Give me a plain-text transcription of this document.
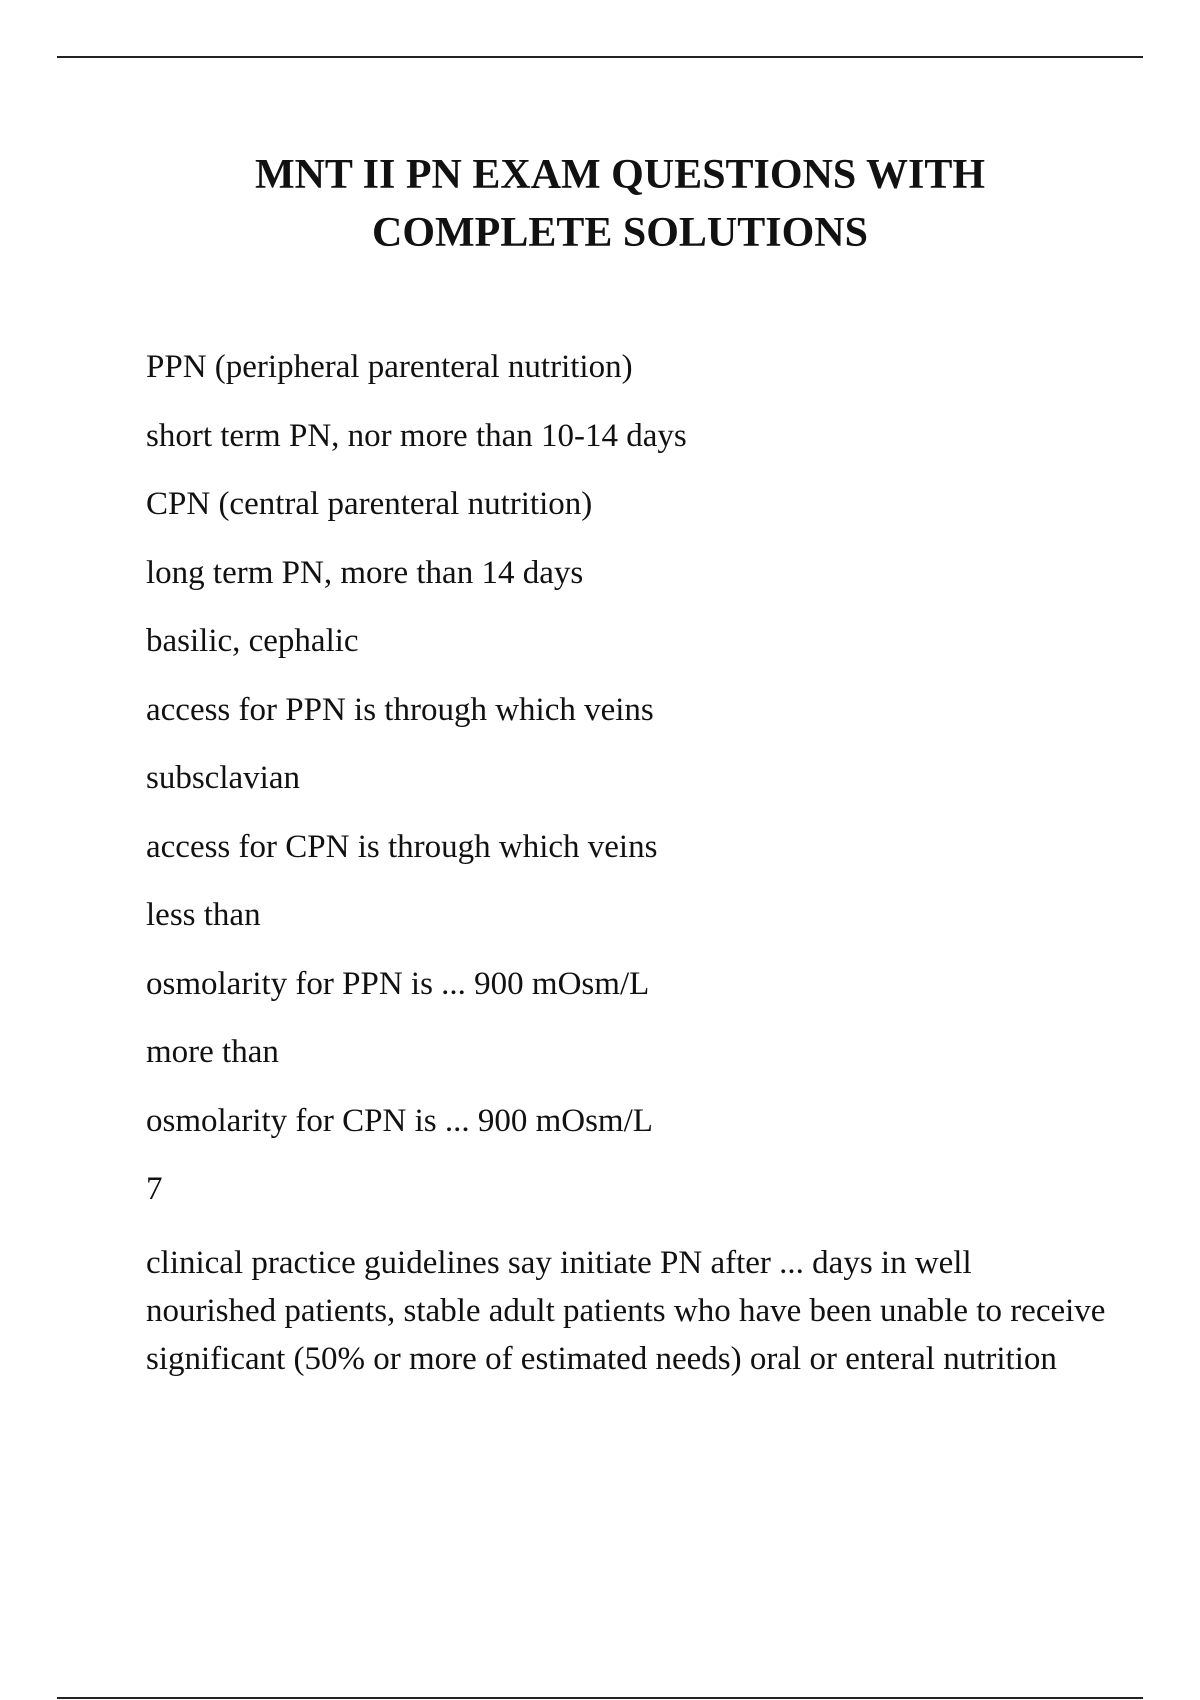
MNT II PN EXAM QUESTIONS WITH
COMPLETE SOLUTIONS

PPN (peripheral parenteral nutrition)

short term PN, nor more than 10-14 days

CPN (central parenteral nutrition)

long term PN, more than 14 days

basilic, cephalic

access for PPN is through which veins

subsclavian

access for CPN is through which veins

less than

osmolarity for PPN is ... 900 mOsm/L

more than

osmolarity for CPN is ... 900 mOsm/L

7

clinical practice guidelines say initiate PN after ... days in well nourished patients, stable adult patients who have been unable to receive significant (50% or more of estimated needs) oral or enteral nutrition
